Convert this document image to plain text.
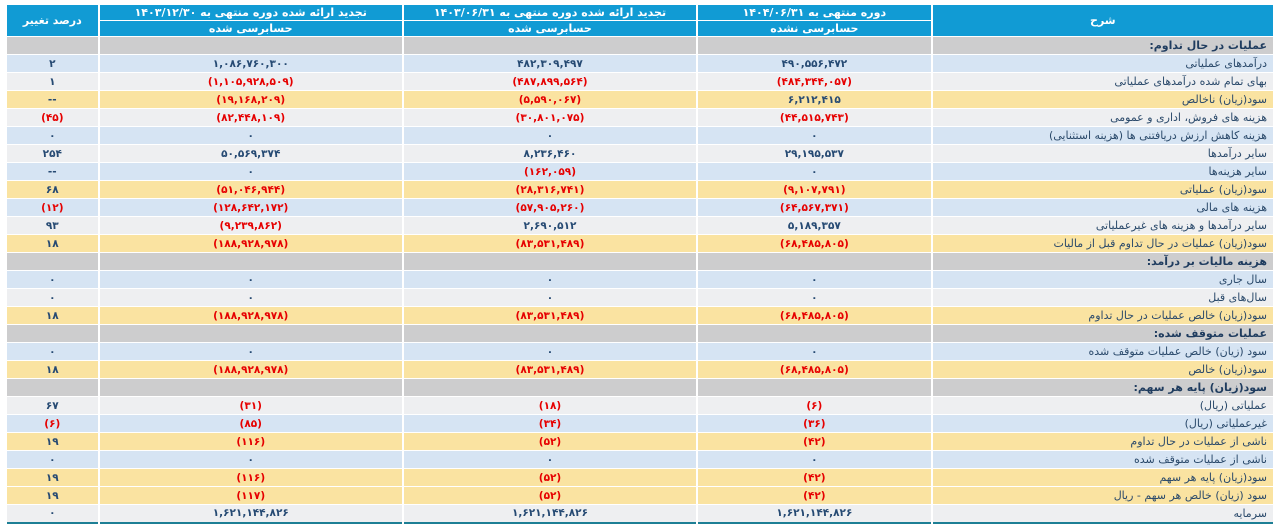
شرح	دوره منتهی به ۱۴۰۴/۰۶/۳۱	تجدید ارائه شده دوره منتهی به ۱۴۰۳/۰۶/۳۱	تجدید ارائه شده دوره منتهی به ۱۴۰۳/۱۲/۳۰	درصد تغییر
	حسابرسی نشده	حسابرسی شده	حسابرسی شده	
عملیات در حال تداوم:				
درآمدهای عملیاتی	۴۹۰,۵۵۶,۴۷۲	۴۸۲,۳۰۹,۴۹۷	۱,۰۸۶,۷۶۰,۳۰۰	۲
بهای تمام شده درآمدهای عملیاتی	(۴۸۴,۳۴۴,۰۵۷)	(۴۸۷,۸۹۹,۵۶۴)	(۱,۱۰۵,۹۲۸,۵۰۹)	۱
سود(زیان) ناخالص	۶,۲۱۲,۴۱۵	(۵,۵۹۰,۰۶۷)	(۱۹,۱۶۸,۲۰۹)	--
هزینه های فروش، اداری و عمومی	(۴۴,۵۱۵,۷۴۳)	(۳۰,۸۰۱,۰۷۵)	(۸۲,۴۴۸,۱۰۹)	(۴۵)
هزینه کاهش ارزش دریافتنی ها (هزینه استثنایی)	۰	۰	۰	۰
سایر درآمدها	۲۹,۱۹۵,۵۳۷	۸,۲۳۶,۴۶۰	۵۰,۵۶۹,۳۷۴	۲۵۴
سایر هزینه‌ها	۰	(۱۶۲,۰۵۹)	۰	--
سود(زیان) عملیاتی	(۹,۱۰۷,۷۹۱)	(۲۸,۳۱۶,۷۴۱)	(۵۱,۰۴۶,۹۴۴)	۶۸
هزینه های مالی	(۶۴,۵۶۷,۳۷۱)	(۵۷,۹۰۵,۲۶۰)	(۱۲۸,۶۴۲,۱۷۲)	(۱۲)
سایر درآمدها و هزینه های غیرعملیاتی	۵,۱۸۹,۳۵۷	۲,۶۹۰,۵۱۲	(۹,۲۳۹,۸۶۲)	۹۳
سود(زیان) عملیات در حال تداوم قبل از مالیات	(۶۸,۴۸۵,۸۰۵)	(۸۳,۵۳۱,۴۸۹)	(۱۸۸,۹۲۸,۹۷۸)	۱۸
هزینه مالیات بر درآمد:				
سال جاری	۰	۰	۰	۰
سال‌های قبل	۰	۰	۰	۰
سود(زیان) خالص عملیات در حال تداوم	(۶۸,۴۸۵,۸۰۵)	(۸۳,۵۳۱,۴۸۹)	(۱۸۸,۹۲۸,۹۷۸)	۱۸
عملیات متوقف شده:				
سود (زیان) خالص عملیات متوقف شده	۰	۰	۰	۰
سود(زیان) خالص	(۶۸,۴۸۵,۸۰۵)	(۸۳,۵۳۱,۴۸۹)	(۱۸۸,۹۲۸,۹۷۸)	۱۸
سود(زیان) پایه هر سهم:				
عملیاتی (ریال)	(۶)	(۱۸)	(۳۱)	۶۷
غیرعملیاتی (ریال)	(۳۶)	(۳۴)	(۸۵)	(۶)
ناشی از عملیات در حال تداوم	(۴۲)	(۵۲)	(۱۱۶)	۱۹
ناشی از عملیات متوقف شده	۰	۰	۰	۰
سود(زیان) پایه هر سهم	(۴۲)	(۵۲)	(۱۱۶)	۱۹
سود (زیان) خالص هر سهم - ریال	(۴۲)	(۵۲)	(۱۱۷)	۱۹
سرمایه	۱,۶۲۱,۱۴۴,۸۲۶	۱,۶۲۱,۱۴۴,۸۲۶	۱,۶۲۱,۱۴۴,۸۲۶	۰
